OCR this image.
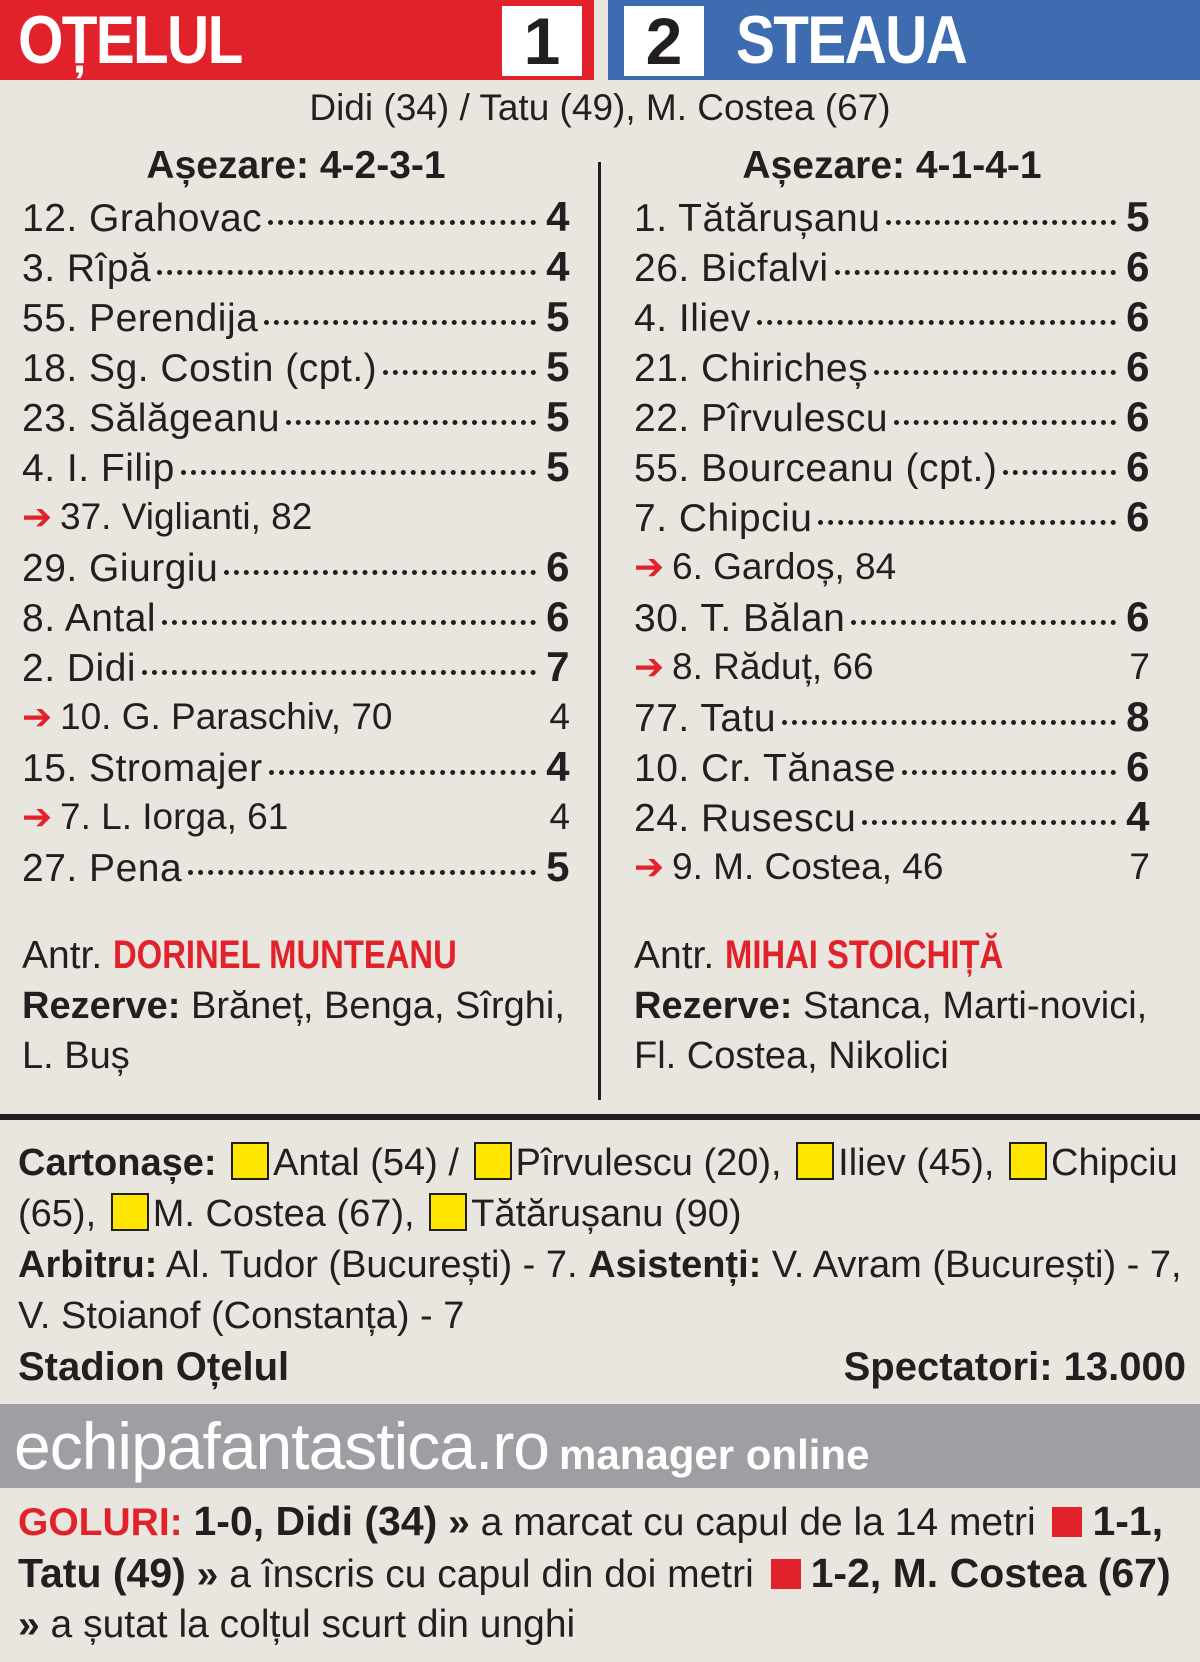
OȚELUL	1	2 STEAUA
Didi (34) / Tatu (49), M. Costea (67)
Așezare: 4-2-3-1
12. Grahovac	4
3. Rîpă	4
55. Perendija	5
18. Sg. Costin (cpt.)	5
23. Sălăgeanu	5
4. I. Filip	5
➔ 37. Viglianti, 82
29. Giurgiu	6
8. Antal	6
2. Didi	7
➔ 10. G. Paraschiv, 70	4
15. Stromajer	4
➔ 7. L. Iorga, 61	4
27. Pena	5
Antr. DORINEL MUNTEANU
Rezerve: Brăneț, Benga, Sîrghi, L. Buș
Așezare: 4-1-4-1
1. Tătărușanu	5
26. Bicfalvi	6
4. Iliev	6
21. Chiricheș	6
22. Pîrvulescu	6
55. Bourceanu (cpt.)	6
7. Chipciu	6
➔ 6. Gardoș, 84
30. T. Bălan	6
➔ 8. Răduț, 66	7
77. Tatu	8
10. Cr. Tănase	6
24. Rusescu	4
➔ 9. M. Costea, 46	7
Antr. MIHAI STOICHIȚĂ
Rezerve: Stanca, Marti-novici, Fl. Costea, Nikolici
Cartonașe: Antal (54) / Pîrvulescu (20), Iliev (45), Chipciu (65), M. Costea (67), Tătărușanu (90)
Arbitru: Al. Tudor (București) - 7. Asistenți: V. Avram (București) - 7, V. Stoianof (Constanța) - 7
Stadion Oțelul	Spectatori: 13.000
echipafantastica.ro manager online
GOLURI: 1-0, Didi (34) » a marcat cu capul de la 14 metri 1-1, Tatu (49) » a înscris cu capul din doi metri 1-2, M. Costea (67) » a șutat la colțul scurt din unghi
